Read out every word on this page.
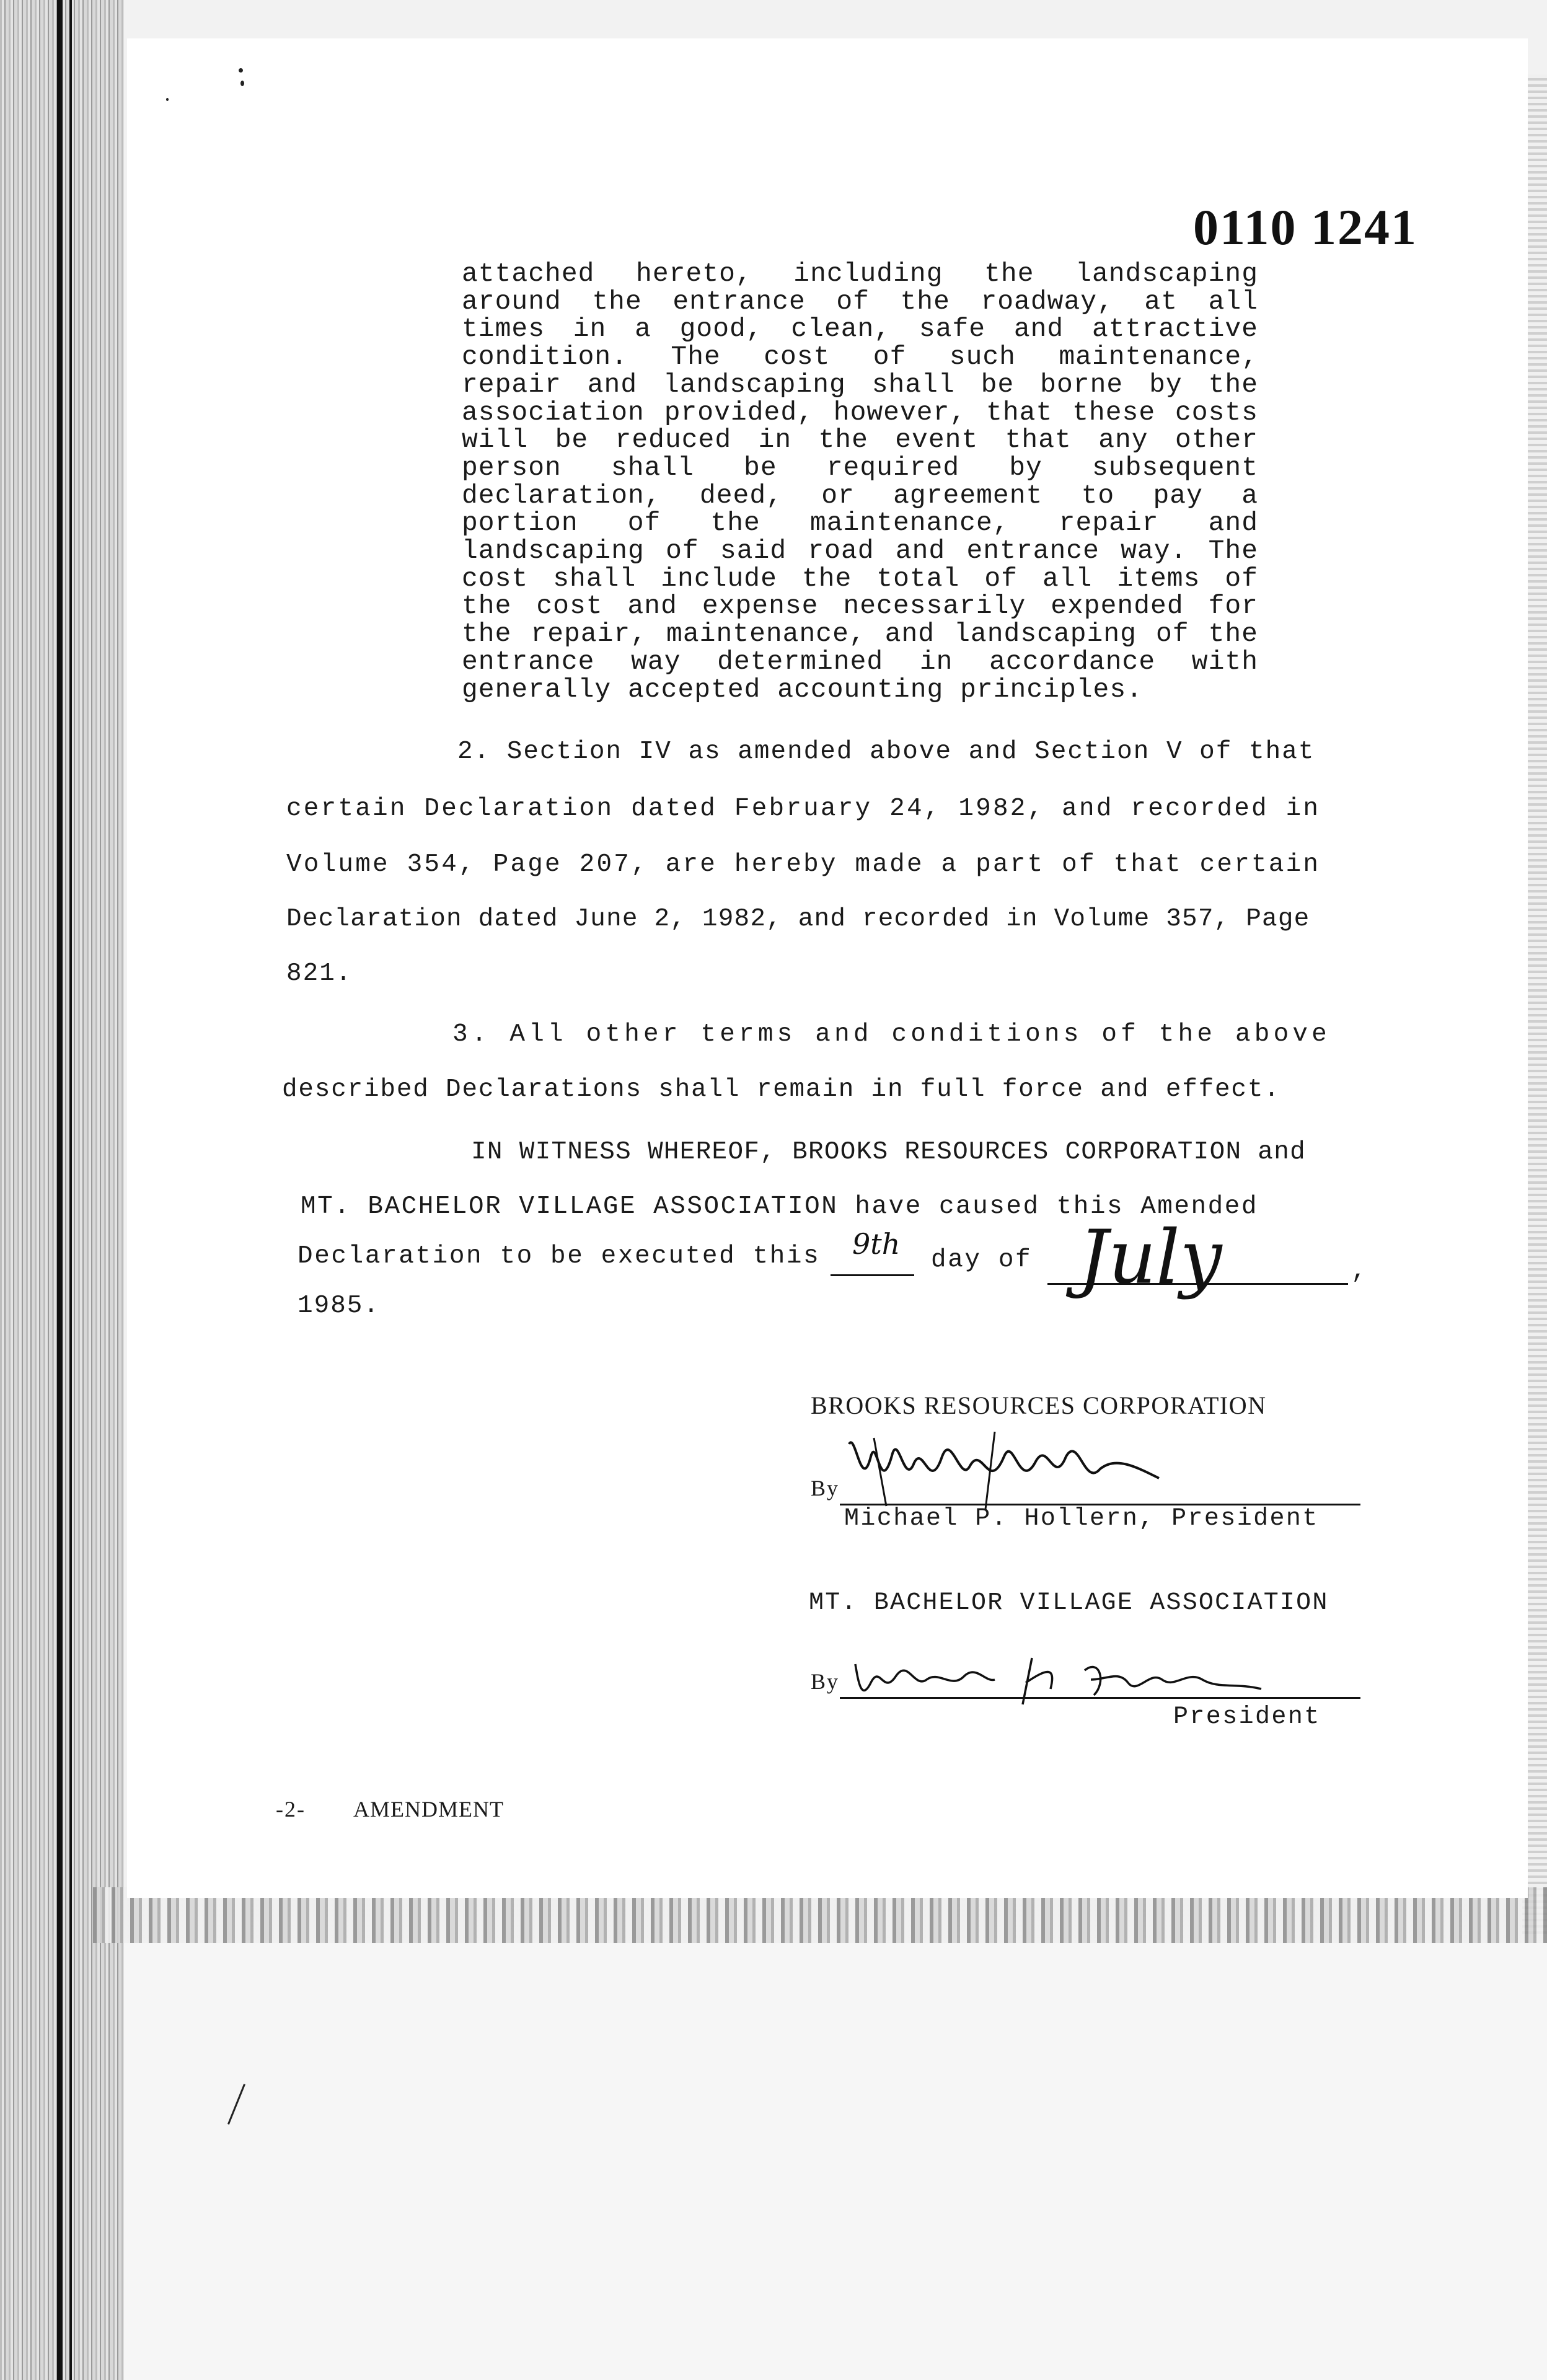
0110 1241
attached hereto, including the landscaping
around the entrance of the roadway, at all
times in a good, clean, safe and attractive
condition. The cost of such maintenance,
repair and landscaping shall be borne by the
association provided, however, that these costs
will be reduced in the event that any other
person shall be required by subsequent
declaration, deed, or agreement to pay a
portion of the maintenance, repair and
landscaping of said road and entrance way. The
cost shall include the total of all items of
the cost and expense necessarily expended for
the repair, maintenance, and landscaping of the
entrance way determined in accordance with
generally accepted accounting principles.
2. Section IV as amended above and Section V of that
certain Declaration dated February 24, 1982, and recorded in
Volume 354, Page 207, are hereby made a part of that certain
Declaration dated June 2, 1982, and recorded in Volume 357, Page
821.
3. All other terms and conditions of the above
described Declarations shall remain in full force and effect.
IN WITNESS WHEREOF, BROOKS RESOURCES CORPORATION and
MT. BACHELOR VILLAGE ASSOCIATION have caused this Amended
Declaration to be executed this 9th day of July	,
1985.
BROOKS RESOURCES CORPORATION
By
Michael P. Hollern, President
MT. BACHELOR VILLAGE ASSOCIATION
By
President
-2- AMENDMENT
